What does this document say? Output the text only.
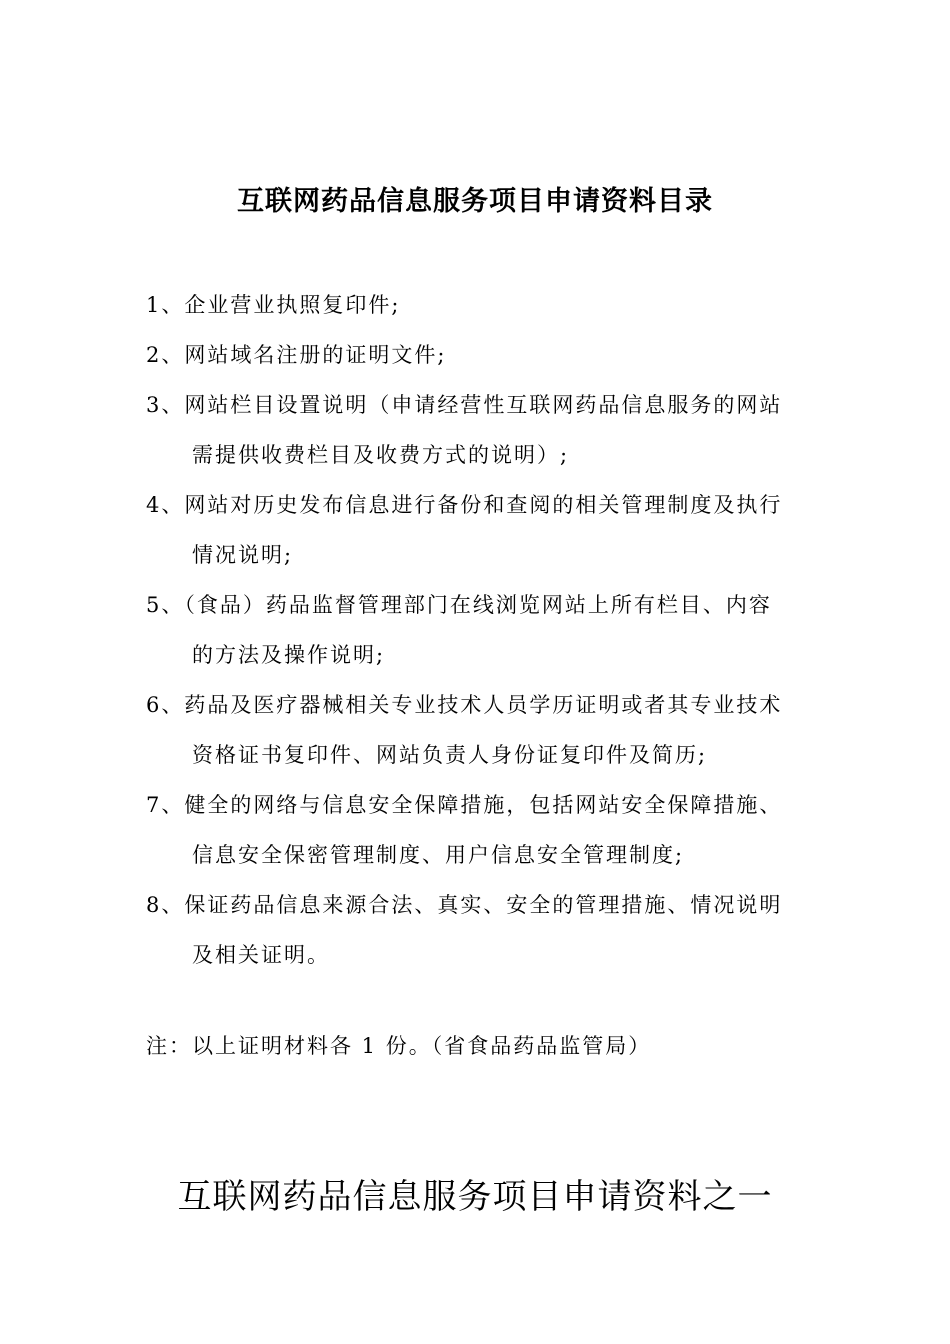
互联网药品信息服务项目申请资料目录
1、企业营业执照复印件;
2、网站域名注册的证明文件;
3、网站栏目设置说明（申请经营性互联网药品信息服务的网站
需提供收费栏目及收费方式的说明）;
4、网站对历史发布信息进行备份和查阅的相关管理制度及执行
情况说明;
5、（食品）药品监督管理部门在线浏览网站上所有栏目、内容
的方法及操作说明;
6、药品及医疗器械相关专业技术人员学历证明或者其专业技术
资格证书复印件、网站负责人身份证复印件及简历;
7、健全的网络与信息安全保障措施，包括网站安全保障措施、
信息安全保密管理制度、用户信息安全管理制度;
8、保证药品信息来源合法、真实、安全的管理措施、情况说明
及相关证明。

注：以上证明材料各 1 份。（省食品药品监管局）

互联网药品信息服务项目申请资料之一
